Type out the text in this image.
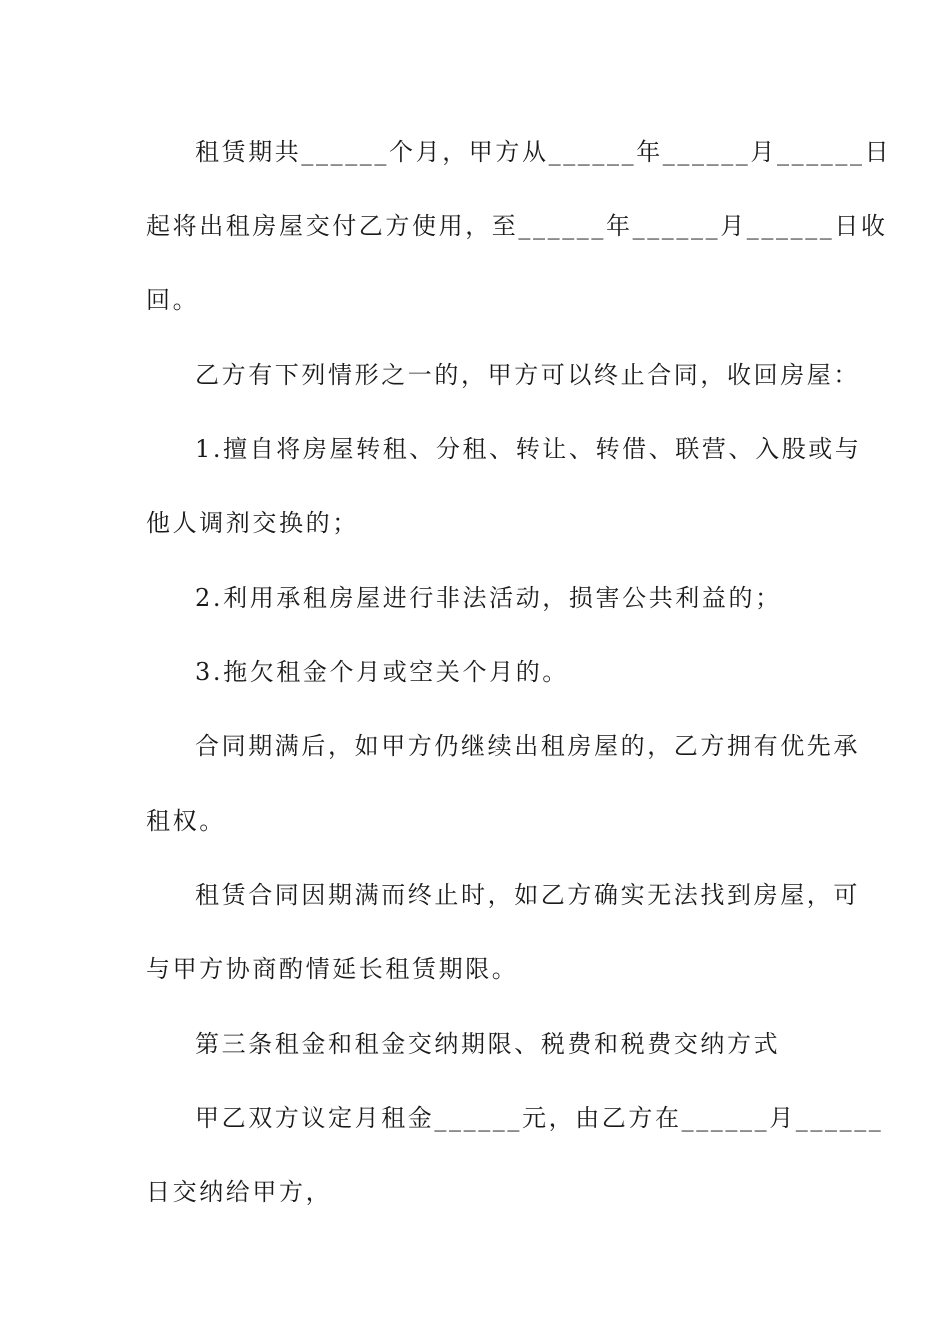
租赁期共______个月，甲方从______年______月______日
起将出租房屋交付乙方使用，至______年______月______日收
回。
乙方有下列情形之一的，甲方可以终止合同，收回房屋：
1.擅自将房屋转租、分租、转让、转借、联营、入股或与
他人调剂交换的；
2.利用承租房屋进行非法活动，损害公共利益的；
3.拖欠租金个月或空关个月的。
合同期满后，如甲方仍继续出租房屋的，乙方拥有优先承
租权。
租赁合同因期满而终止时，如乙方确实无法找到房屋，可
与甲方协商酌情延长租赁期限。
第三条租金和租金交纳期限、税费和税费交纳方式
甲乙双方议定月租金______元，由乙方在______月______
日交纳给甲方，
